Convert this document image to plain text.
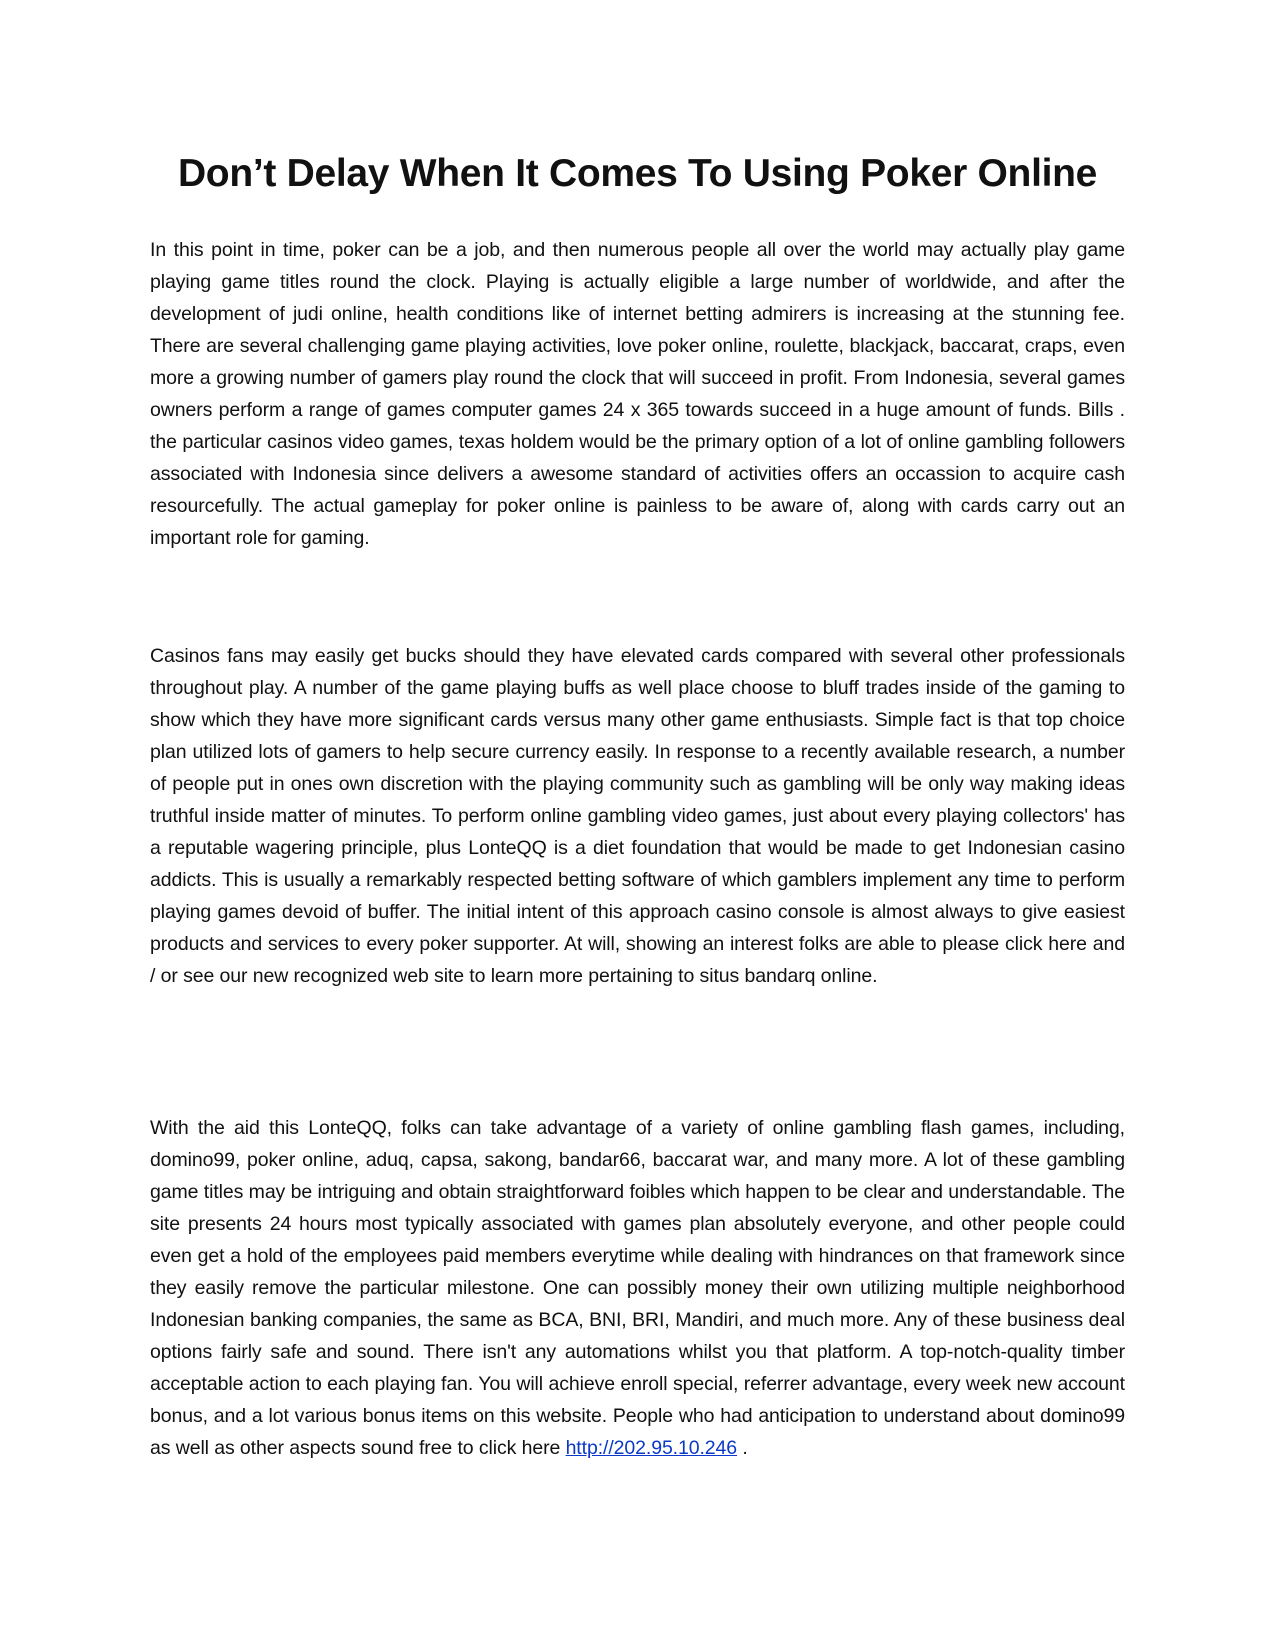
Don’t Delay When It Comes To Using Poker Online

In this point in time, poker can be a job, and then numerous people all over the world may actually play game playing game titles round the clock. Playing is actually eligible a large number of worldwide, and after the development of judi online, health conditions like of internet betting admirers is increasing at the stunning fee. There are several challenging game playing activities, love poker online, roulette, blackjack, baccarat, craps, even more a growing number of gamers play round the clock that will succeed in profit. From Indonesia, several games owners perform a range of games computer games 24 x 365 towards succeed in a huge amount of funds. Bills . the particular casinos video games, texas holdem would be the primary option of a lot of online gambling followers associated with Indonesia since delivers a awesome standard of activities offers an occassion to acquire cash resourcefully. The actual gameplay for poker online is painless to be aware of, along with cards carry out an important role for gaming.

Casinos fans may easily get bucks should they have elevated cards compared with several other professionals throughout play. A number of the game playing buffs as well place choose to bluff trades inside of the gaming to show which they have more significant cards versus many other game enthusiasts. Simple fact is that top choice plan utilized lots of gamers to help secure currency easily. In response to a recently available research, a number of people put in ones own discretion with the playing community such as gambling will be only way making ideas truthful inside matter of minutes. To perform online gambling video games, just about every playing collectors' has a reputable wagering principle, plus LonteQQ is a diet foundation that would be made to get Indonesian casino addicts. This is usually a remarkably respected betting software of which gamblers implement any time to perform playing games devoid of buffer. The initial intent of this approach casino console is almost always to give easiest products and services to every poker supporter. At will, showing an interest folks are able to please click here and / or see our new recognized web site to learn more pertaining to situs bandarq online.

With the aid this LonteQQ, folks can take advantage of a variety of online gambling flash games, including, domino99, poker online, aduq, capsa, sakong, bandar66, baccarat war, and many more. A lot of these gambling game titles may be intriguing and obtain straightforward foibles which happen to be clear and understandable. The site presents 24 hours most typically associated with games plan absolutely everyone, and other people could even get a hold of the employees paid members everytime while dealing with hindrances on that framework since they easily remove the particular milestone. One can possibly money their own utilizing multiple neighborhood Indonesian banking companies, the same as BCA, BNI, BRI, Mandiri, and much more. Any of these business deal options fairly safe and sound. There isn't any automations whilst you that platform. A top-notch-quality timber acceptable action to each playing fan. You will achieve enroll special, referrer advantage, every week new account bonus, and a lot various bonus items on this website. People who had anticipation to understand about domino99 as well as other aspects sound free to click here http://202.95.10.246 .
